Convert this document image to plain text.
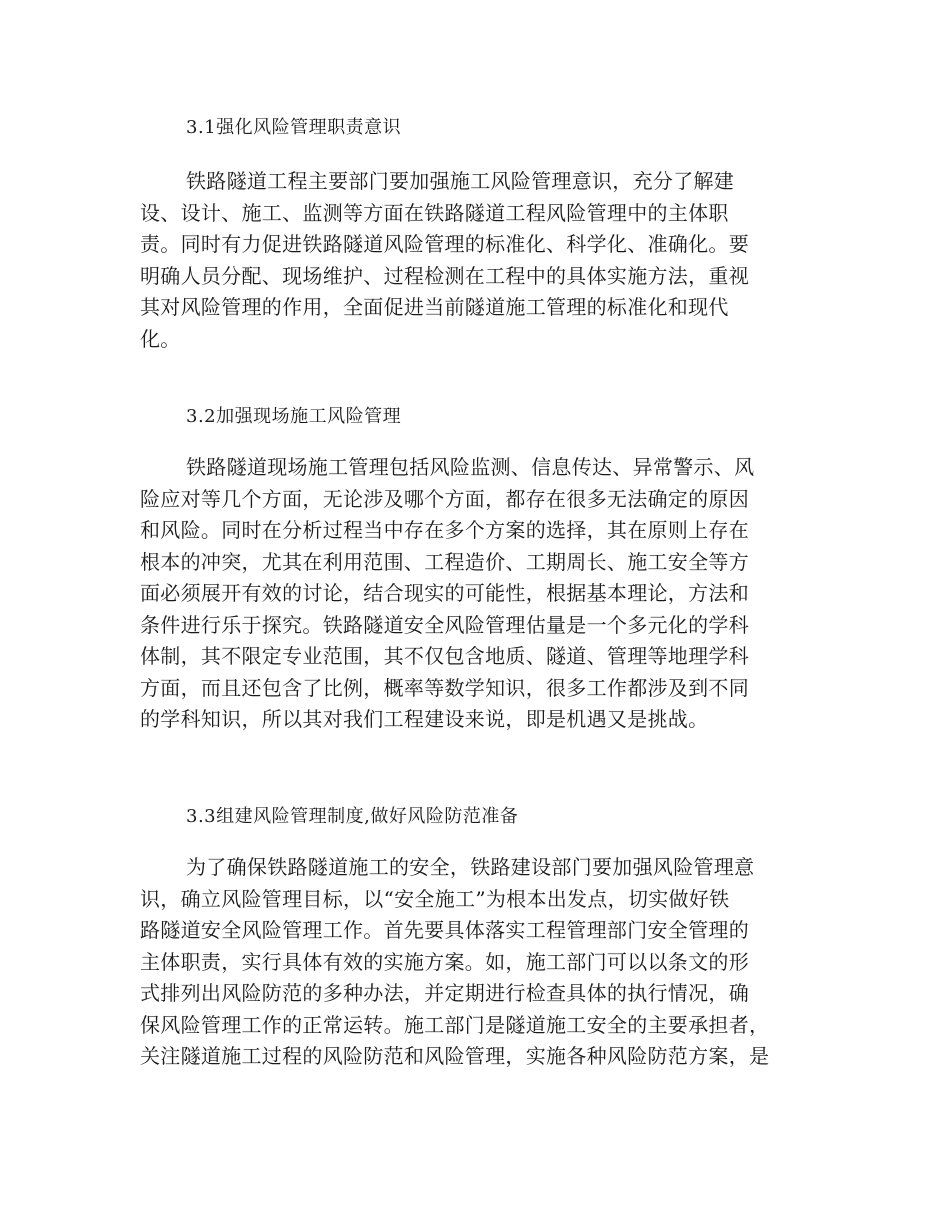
3.1强化风险管理职责意识
铁路隧道工程主要部门要加强施工风险管理意识，充分了解建
设、设计、施工、监测等方面在铁路隧道工程风险管理中的主体职
责。同时有力促进铁路隧道风险管理的标准化、科学化、准确化。要
明确人员分配、现场维护、过程检测在工程中的具体实施方法，重视
其对风险管理的作用，全面促进当前隧道施工管理的标准化和现代
化。
3.2加强现场施工风险管理
铁路隧道现场施工管理包括风险监测、信息传达、异常警示、风
险应对等几个方面，无论涉及哪个方面，都存在很多无法确定的原因
和风险。同时在分析过程当中存在多个方案的选择，其在原则上存在
根本的冲突，尤其在利用范围、工程造价、工期周长、施工安全等方
面必须展开有效的讨论，结合现实的可能性，根据基本理论，方法和
条件进行乐于探究。铁路隧道安全风险管理估量是一个多元化的学科
体制，其不限定专业范围，其不仅包含地质、隧道、管理等地理学科
方面，而且还包含了比例，概率等数学知识，很多工作都涉及到不同
的学科知识，所以其对我们工程建设来说，即是机遇又是挑战。
3.3组建风险管理制度,做好风险防范准备
为了确保铁路隧道施工的安全，铁路建设部门要加强风险管理意
识，确立风险管理目标，以“安全施工”为根本出发点，切实做好铁
路隧道安全风险管理工作。首先要具体落实工程管理部门安全管理的
主体职责，实行具体有效的实施方案。如，施工部门可以以条文的形
式排列出风险防范的多种办法，并定期进行检查具体的执行情况，确
保风险管理工作的正常运转。施工部门是隧道施工安全的主要承担者，
关注隧道施工过程的风险防范和风险管理，实施各种风险防范方案，是
